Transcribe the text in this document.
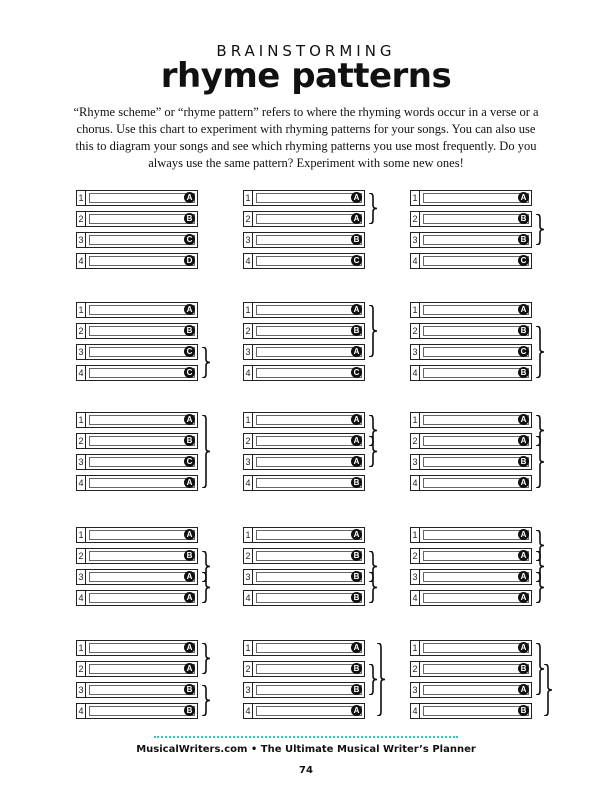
BRAINSTORMING
rhyme patterns

“Rhyme scheme” or “rhyme pattern” refers to where the rhyming words occur in a verse or a chorus. Use this chart to experiment with rhyming patterns for your songs. You can also use this to diagram your songs and see which rhyming patterns you use most frequently. Do you always use the same pattern? Experiment with some new ones!

1	A
2	B
3	C
4	D
1	A
2	A
3	B
4	C
1	A
2	B
3	B
4	C
1	A
2	B
3	C
4	C
1	A
2	B
3	A
4	C
1	A
2	B
3	C
4	B
1	A
2	B
3	C
4	A
1	A
2	A
3	A
4	B
1	A
2	A
3	B
4	A
1	A
2	B
3	A
4	A
1	A
2	B
3	B
4	B
1	A
2	A
3	A
4	A
1	A
2	A
3	B
4	B
1	A
2	B
3	B
4	A
1	A
2	B
3	A
4	B
MusicalWriters.com • The Ultimate Musical Writer’s Planner
74
